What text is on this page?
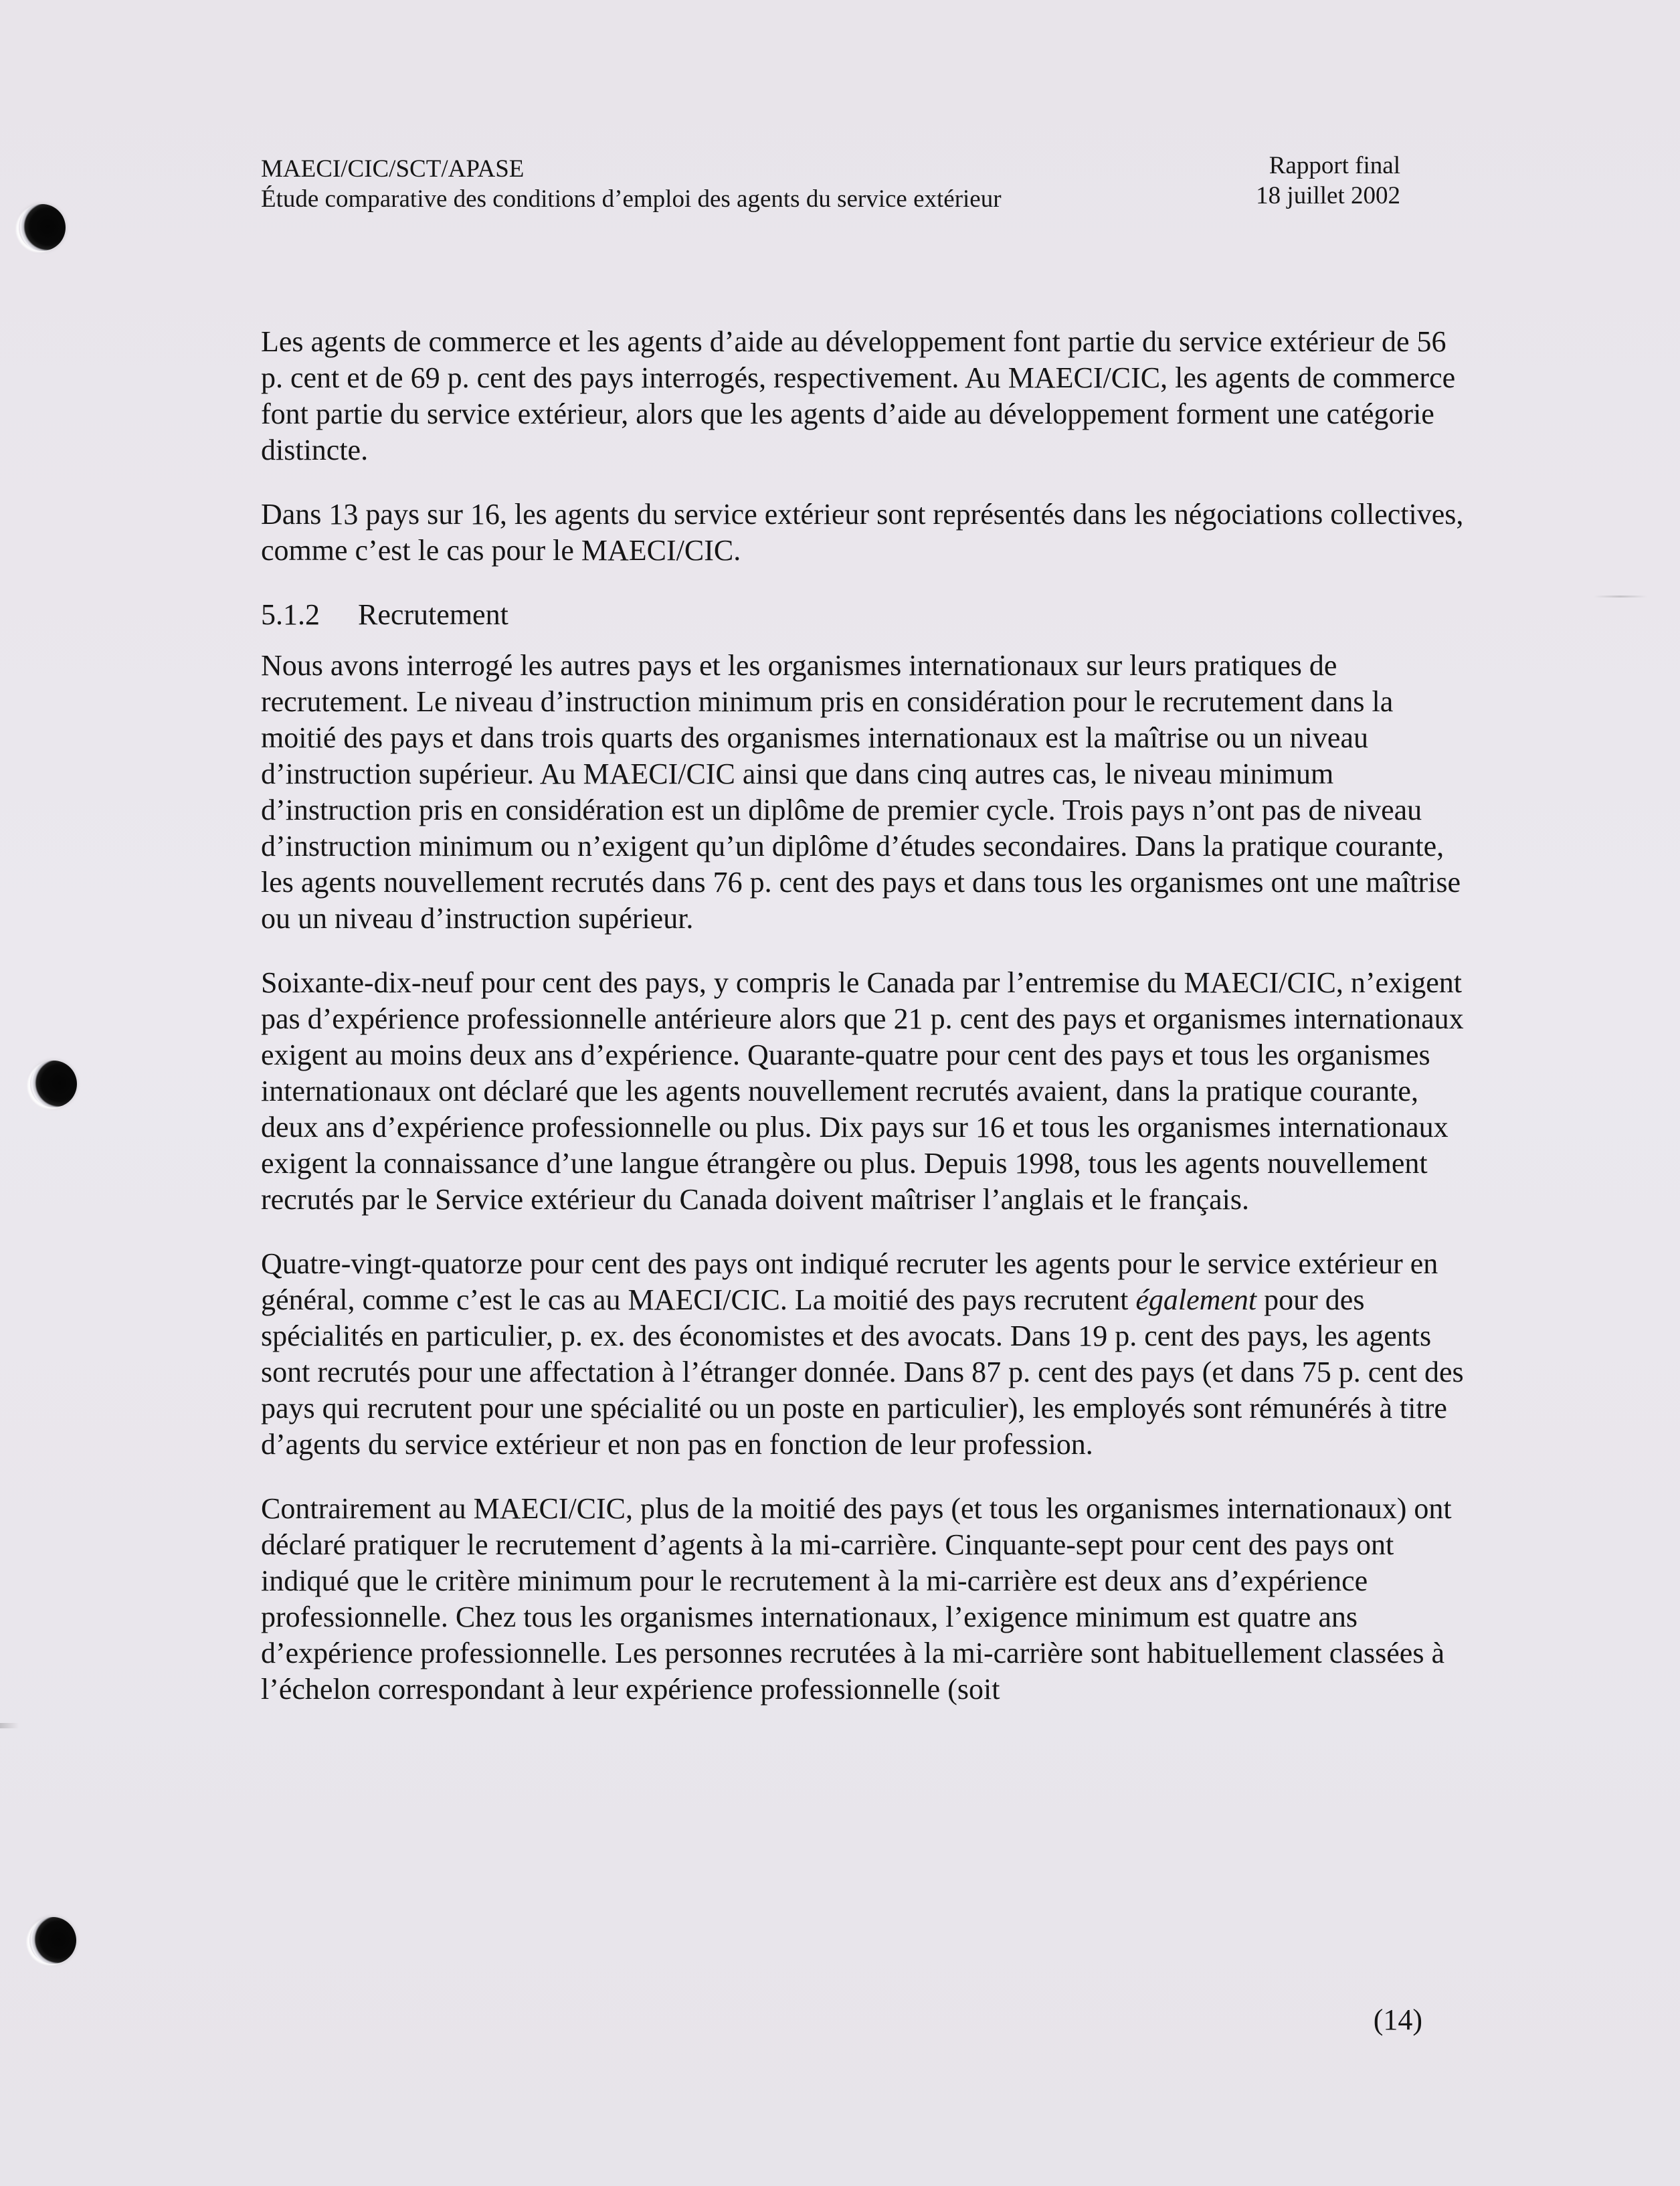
MAECI/CIC/SCT/APASE
Étude comparative des conditions d’emploi des agents du service extérieur
Rapport final
18 juillet 2002

Les agents de commerce et les agents d’aide au développement font partie du service extérieur de 56 p. cent et de 69 p. cent des pays interrogés, respectivement. Au MAECI/CIC, les agents de commerce font partie du service extérieur, alors que les agents d’aide au développement forment une catégorie distincte.

Dans 13 pays sur 16, les agents du service extérieur sont représentés dans les négociations collectives, comme c’est le cas pour le MAECI/CIC.

5.1.2 Recrutement

Nous avons interrogé les autres pays et les organismes internationaux sur leurs pratiques de recrutement. Le niveau d’instruction minimum pris en considération pour le recrutement dans la moitié des pays et dans trois quarts des organismes internationaux est la maîtrise ou un niveau d’instruction supérieur. Au MAECI/CIC ainsi que dans cinq autres cas, le niveau minimum d’instruction pris en considération est un diplôme de premier cycle. Trois pays n’ont pas de niveau d’instruction minimum ou n’exigent qu’un diplôme d’études secondaires. Dans la pratique courante, les agents nouvellement recrutés dans 76 p. cent des pays et dans tous les organismes ont une maîtrise ou un niveau d’instruction supérieur.

Soixante-dix-neuf pour cent des pays, y compris le Canada par l’entremise du MAECI/CIC, n’exigent pas d’expérience professionnelle antérieure alors que 21 p. cent des pays et organismes internationaux exigent au moins deux ans d’expérience. Quarante-quatre pour cent des pays et tous les organismes internationaux ont déclaré que les agents nouvellement recrutés avaient, dans la pratique courante, deux ans d’expérience professionnelle ou plus. Dix pays sur 16 et tous les organismes internationaux exigent la connaissance d’une langue étrangère ou plus. Depuis 1998, tous les agents nouvellement recrutés par le Service extérieur du Canada doivent maîtriser l’anglais et le français.

Quatre-vingt-quatorze pour cent des pays ont indiqué recruter les agents pour le service extérieur en général, comme c’est le cas au MAECI/CIC. La moitié des pays recrutent également pour des spécialités en particulier, p. ex. des économistes et des avocats. Dans 19 p. cent des pays, les agents sont recrutés pour une affectation à l’étranger donnée. Dans 87 p. cent des pays (et dans 75 p. cent des pays qui recrutent pour une spécialité ou un poste en particulier), les employés sont rémunérés à titre d’agents du service extérieur et non pas en fonction de leur profession.

Contrairement au MAECI/CIC, plus de la moitié des pays (et tous les organismes internationaux) ont déclaré pratiquer le recrutement d’agents à la mi-carrière. Cinquante-sept pour cent des pays ont indiqué que le critère minimum pour le recrutement à la mi-carrière est deux ans d’expérience professionnelle. Chez tous les organismes internationaux, l’exigence minimum est quatre ans d’expérience professionnelle. Les personnes recrutées à la mi-carrière sont habituellement classées à l’échelon correspondant à leur expérience professionnelle (soit

(14)
